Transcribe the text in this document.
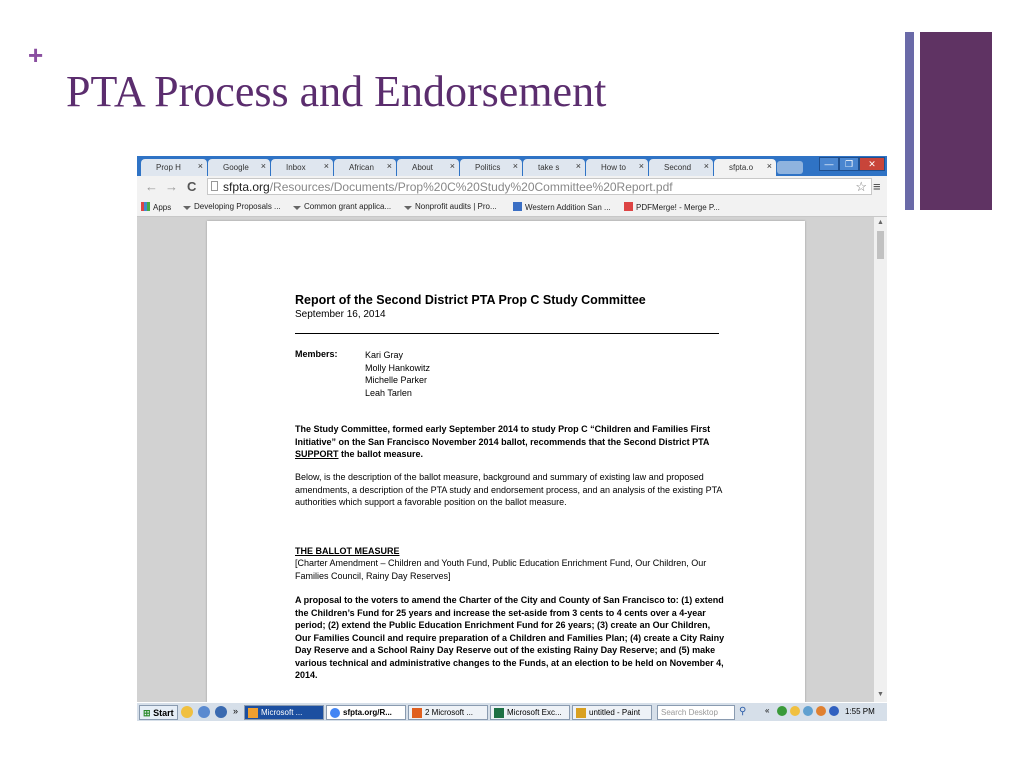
+
PTA Process and Endorsement
Prop H ×	Google ×	Inbox ×	African ×	About ×	Politics ×	take s ×	How to ×	Second ×	sfpta.o ×	—	❐	✕
← → C sfpta.org/Resources/Documents/Prop%20C%20Study%20Committee%20Report.pdf	☆ ≡
Apps	Developing Proposals ...	Common grant applica...	Nonprofit audits | Pro...	Western Addition San ...	PDFMerge! - Merge P...
Report of the Second District PTA Prop C Study Committee
September 16, 2014
Members:	Kari Gray
Molly Hankowitz
Michelle Parker
Leah Tarlen
The Study Committee, formed early September 2014 to study Prop C “Children and Families First Initiative” on the San Francisco November 2014 ballot, recommends that the Second District PTA SUPPORT the ballot measure.
Below, is the description of the ballot measure, background and summary of existing law and proposed amendments, a description of the PTA study and endorsement process, and an analysis of the existing PTA authorities which support a favorable position on the ballot measure.
THE BALLOT MEASURE
[Charter Amendment – Children and Youth Fund, Public Education Enrichment Fund, Our Children, Our Families Council, Rainy Day Reserves]
A proposal to the voters to amend the Charter of the City and County of San Francisco to: (1) extend the Children’s Fund for 25 years and increase the set-aside from 3 cents to 4 cents over a 4-year period; (2) extend the Public Education Enrichment Fund for 26 years; (3) create an Our Children, Our Families Council and require preparation of a Children and Families Plan; (4) create a City Rainy Day Reserve and a School Rainy Day Reserve out of the existing Rainy Day Reserve; and (5) make various technical and administrative changes to the Funds, at an election to be held on November 4, 2014.
▲
▼
⊞ Start	»	Microsoft ...	sfpta.org/R...	2 Microsoft ...	Microsoft Exc...	untitled - Paint	Search Desktop	⚲ «	1:55 PM
